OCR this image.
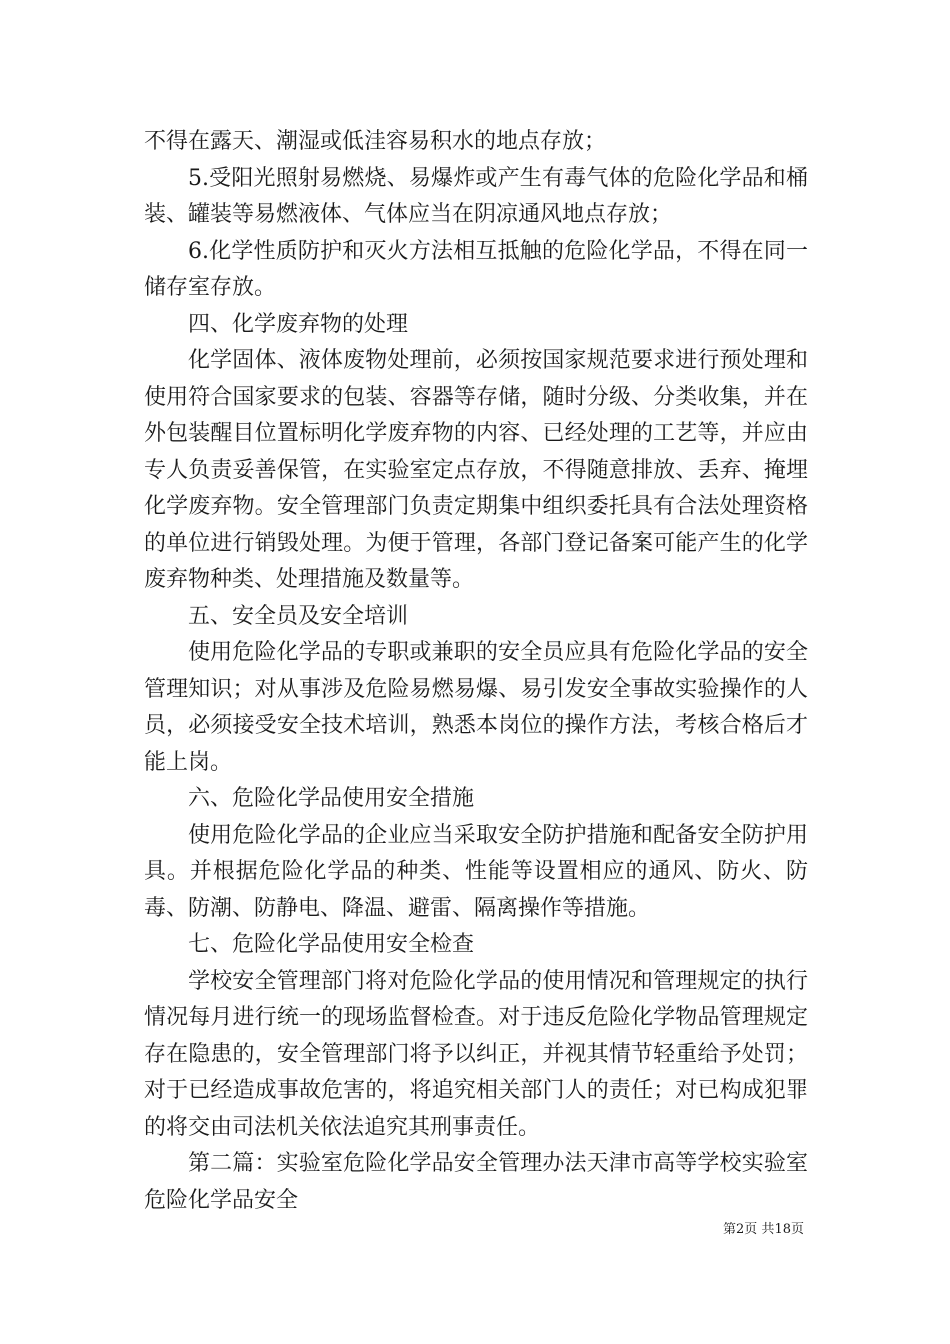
不得在露天、潮湿或低洼容易积水的地点存放；

5.受阳光照射易燃烧、易爆炸或产生有毒气体的危险化学品和桶装、罐装等易燃液体、气体应当在阴凉通风地点存放；

6.化学性质防护和灭火方法相互抵触的危险化学品，不得在同一储存室存放。

四、化学废弃物的处理

化学固体、液体废物处理前，必须按国家规范要求进行预处理和使用符合国家要求的包装、容器等存储，随时分级、分类收集，并在外包装醒目位置标明化学废弃物的内容、已经处理的工艺等，并应由专人负责妥善保管，在实验室定点存放，不得随意排放、丢弃、掩埋化学废弃物。安全管理部门负责定期集中组织委托具有合法处理资格的单位进行销毁处理。为便于管理，各部门登记备案可能产生的化学废弃物种类、处理措施及数量等。

五、安全员及安全培训

使用危险化学品的专职或兼职的安全员应具有危险化学品的安全管理知识；对从事涉及危险易燃易爆、易引发安全事故实验操作的人员，必须接受安全技术培训，熟悉本岗位的操作方法，考核合格后才能上岗。

六、危险化学品使用安全措施

使用危险化学品的企业应当采取安全防护措施和配备安全防护用具。并根据危险化学品的种类、性能等设置相应的通风、防火、防毒、防潮、防静电、降温、避雷、隔离操作等措施。

七、危险化学品使用安全检查

学校安全管理部门将对危险化学品的使用情况和管理规定的执行情况每月进行统一的现场监督检查。对于违反危险化学物品管理规定存在隐患的，安全管理部门将予以纠正，并视其情节轻重给予处罚；对于已经造成事故危害的，将追究相关部门人的责任；对已构成犯罪的将交由司法机关依法追究其刑事责任。

第二篇：实验室危险化学品安全管理办法天津市高等学校实验室危险化学品安全

第2页 共18页
